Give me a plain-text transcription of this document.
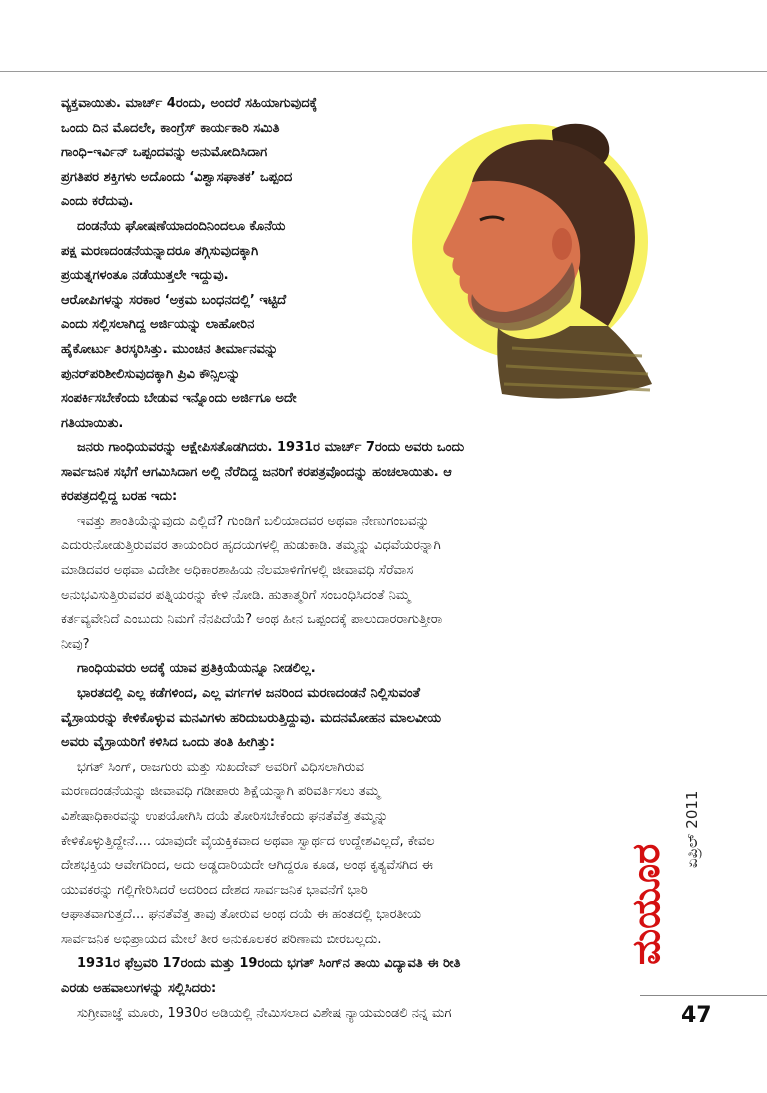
ವ್ಯಕ್ತವಾಯಿತು. ಮಾರ್ಚ್ 4ರಂದು, ಅಂದರೆ ಸಹಿಯಾಗುವುದಕ್ಕೆ
ಒಂದು ದಿನ ಮೊದಲೇ, ಕಾಂಗ್ರೆಸ್ ಕಾರ್ಯಕಾರಿ ಸಮಿತಿ
ಗಾಂಧಿ–ಇರ್ವಿನ್ ಒಪ್ಪಂದವನ್ನು ಅನುಮೋದಿಸಿದಾಗ
ಪ್ರಗತಿಪರ ಶಕ್ತಿಗಳು ಅದೊಂದು ‘ವಿಶ್ವಾಸಘಾತಕ’ ಒಪ್ಪಂದ
ಎಂದು ಕರೆದುವು.
ದಂಡನೆಯ ಘೋಷಣೆಯಾದಂದಿನಿಂದಲೂ ಕೊನೆಯ
ಪಕ್ಷ ಮರಣದಂಡನೆಯನ್ನಾದರೂ ತಗ್ಗಿಸುವುದಕ್ಕಾಗಿ
ಪ್ರಯತ್ನಗಳಂತೂ ನಡೆಯುತ್ತಲೇ ಇದ್ದುವು.
ಆರೋಪಿಗಳನ್ನು ಸರಕಾರ ‘ಅಕ್ರಮ ಬಂಧನದಲ್ಲಿ’ ಇಟ್ಟಿದೆ
ಎಂದು ಸಲ್ಲಿಸಲಾಗಿದ್ದ ಅರ್ಜಿಯನ್ನು ಲಾಹೋರಿನ
ಹೈಕೋರ್ಟು ತಿರಸ್ಕರಿಸಿತ್ತು. ಮುಂಚಿನ ತೀರ್ಮಾನವನ್ನು
ಪುನರ್‌ಪರಿಶೀಲಿಸುವುದಕ್ಕಾಗಿ ಪ್ರಿವಿ ಕೌನ್ಸಿಲನ್ನು
ಸಂಪರ್ಕಿಸಬೇಕೆಂದು ಬೇಡುವ ಇನ್ನೊಂದು ಅರ್ಜಿಗೂ ಅದೇ
ಗತಿಯಾಯಿತು.
ಜನರು ಗಾಂಧಿಯವರನ್ನು ಆಕ್ಷೇಪಿಸತೊಡಗಿದರು. 1931ರ ಮಾರ್ಚ್ 7ರಂದು ಅವರು ಒಂದು
ಸಾರ್ವಜನಿಕ ಸಭೆಗೆ ಆಗಮಿಸಿದಾಗ ಅಲ್ಲಿ ನೆರೆದಿದ್ದ ಜನರಿಗೆ ಕರಪತ್ರವೊಂದನ್ನು ಹಂಚಲಾಯಿತು. ಆ
ಕರಪತ್ರದಲ್ಲಿದ್ದ ಬರಹ ಇದು:
ಇವತ್ತು ಶಾಂತಿಯೆನ್ನುವುದು ಎಲ್ಲಿದೆ? ಗುಂಡಿಗೆ ಬಲಿಯಾದವರ ಅಥವಾ ನೇಣುಗಂಬವನ್ನು
ಎದುರುನೋಡುತ್ತಿರುವವರ ತಾಯಂದಿರ ಹೃದಯಗಳಲ್ಲಿ ಹುಡುಕಾಡಿ. ತಮ್ಮನ್ನು ವಿಧವೆಯರನ್ನಾಗಿ
ಮಾಡಿದವರ ಅಥವಾ ವಿದೇಶೀ ಅಧಿಕಾರಶಾಹಿಯ ನೆಲಮಾಳಿಗೆಗಳಲ್ಲಿ ಜೀವಾವಧಿ ಸೆರೆವಾಸ
ಅನುಭವಿಸುತ್ತಿರುವವರ ಪತ್ನಿಯರನ್ನು ಕೇಳಿ ನೋಡಿ. ಹುತಾತ್ಮರಿಗೆ ಸಂಬಂಧಿಸಿದಂತೆ ನಿಮ್ಮ
ಕರ್ತವ್ಯವೇನಿದೆ ಎಂಬುದು ನಿಮಗೆ ನೆನಪಿದೆಯೆ? ಅಂಥ ಹೀನ ಒಪ್ಪಂದಕ್ಕೆ ಪಾಲುದಾರರಾಗುತ್ತೀರಾ
ನೀವು?
ಗಾಂಧಿಯವರು ಅದಕ್ಕೆ ಯಾವ ಪ್ರತಿಕ್ರಿಯೆಯನ್ನೂ ನೀಡಲಿಲ್ಲ.
ಭಾರತದಲ್ಲಿ ಎಲ್ಲ ಕಡೆಗಳಿಂದ, ಎಲ್ಲ ವರ್ಗಗಳ ಜನರಿಂದ ಮರಣದಂಡನೆ ನಿಲ್ಲಿಸುವಂತೆ
ವೈಸ್ರಾಯರನ್ನು ಕೇಳಿಕೊಳ್ಳುವ ಮನವಿಗಳು ಹರಿದುಬರುತ್ತಿದ್ದುವು. ಮದನಮೋಹನ ಮಾಲವೀಯ
ಅವರು ವೈಸ್ರಾಯರಿಗೆ ಕಳಿಸಿದ ಒಂದು ತಂತಿ ಹೀಗಿತ್ತು:
ಭಗತ್ ಸಿಂಗ್, ರಾಜಗುರು ಮತ್ತು ಸುಖದೇವ್ ಅವರಿಗೆ ವಿಧಿಸಲಾಗಿರುವ
ಮರಣದಂಡನೆಯನ್ನು ಜೀವಾವಧಿ ಗಡೀಪಾರು ಶಿಕ್ಷೆಯನ್ನಾಗಿ ಪರಿವರ್ತಿಸಲು ತಮ್ಮ
ವಿಶೇಷಾಧಿಕಾರವನ್ನು ಉಪಯೋಗಿಸಿ ದಯೆ ತೋರಿಸಬೇಕೆಂದು ಘನತೆವೆತ್ತ ತಮ್ಮನ್ನು
ಕೇಳಿಕೊಳ್ಳುತ್ತಿದ್ದೇನೆ.... ಯಾವುದೇ ವೈಯಕ್ತಿಕವಾದ ಅಥವಾ ಸ್ವಾರ್ಥದ ಉದ್ದೇಶವಿಲ್ಲದೆ, ಕೇವಲ
ದೇಶಭಕ್ತಿಯ ಆವೇಗದಿಂದ, ಅದು ಅಡ್ಡದಾರಿಯದೇ ಆಗಿದ್ದರೂ ಕೂಡ, ಅಂಥ ಕೃತ್ಯವೆಸಗಿದ ಈ
ಯುವಕರನ್ನು ಗಲ್ಲಿಗೇರಿಸಿದರೆ ಅದರಿಂದ ದೇಶದ ಸಾರ್ವಜನಿಕ ಭಾವನೆಗೆ ಭಾರಿ
ಆಘಾತವಾಗುತ್ತದೆ... ಘನತೆವೆತ್ತ ತಾವು ತೋರುವ ಅಂಥ ದಯೆ ಈ ಹಂತದಲ್ಲಿ ಭಾರತೀಯ
ಸಾರ್ವಜನಿಕ ಅಭಿಪ್ರಾಯದ ಮೇಲೆ ತೀರ ಅನುಕೂಲಕರ ಪರಿಣಾಮ ಬೀರಬಲ್ಲದು.
1931ರ ಫೆಬ್ರವರಿ 17ರಂದು ಮತ್ತು 19ರಂದು ಭಗತ್ ಸಿಂಗ್‌ನ ತಾಯಿ ವಿದ್ಯಾವತಿ ಈ ರೀತಿ
ಎರಡು ಅಹವಾಲುಗಳನ್ನು ಸಲ್ಲಿಸಿದರು:
ಸುಗ್ರೀವಾಜ್ಞೆ ಮೂರು, 1930ರ ಅಡಿಯಲ್ಲಿ ನೇಮಿಸಲಾದ ವಿಶೇಷ ನ್ಯಾಯಮಂಡಲಿ ನನ್ನ ಮಗ
ಏಪ್ರಿಲ್ 2011
ಮಯೂರ
47
